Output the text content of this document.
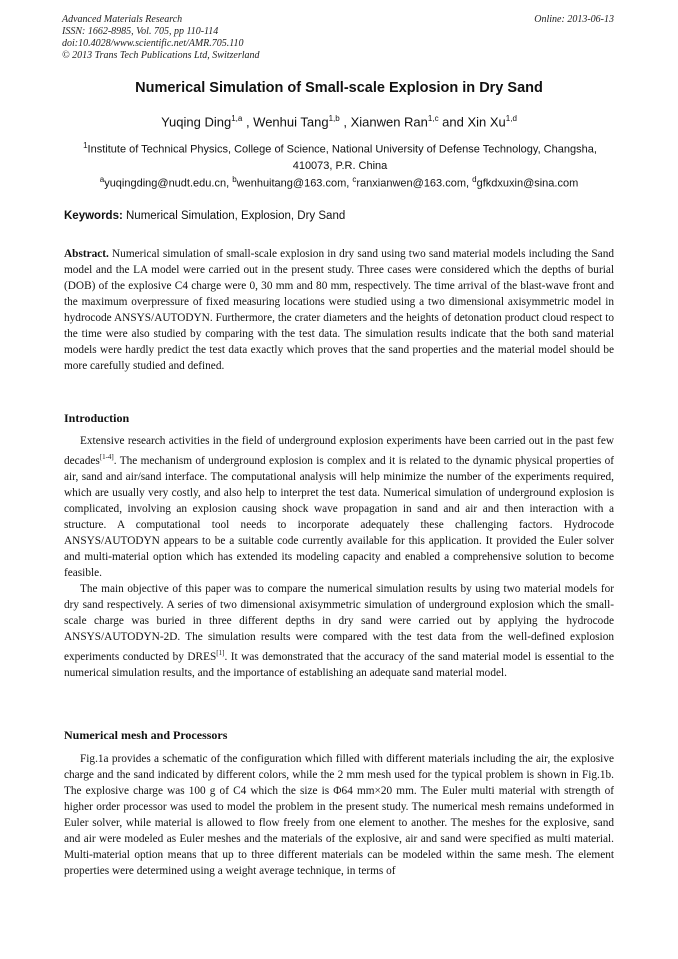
Advanced Materials Research
ISSN: 1662-8985, Vol. 705, pp 110-114
doi:10.4028/www.scientific.net/AMR.705.110
© 2013 Trans Tech Publications Ltd, Switzerland
Online: 2013-06-13
Numerical Simulation of Small-scale Explosion in Dry Sand
Yuqing Ding$^{1,a}$ , Wenhui Tang$^{1,b}$ , Xianwen Ran$^{1,c}$ and Xin Xu$^{1,d}$
$^1$Institute of Technical Physics, College of Science, National University of Defense Technology, Changsha, 410073, P.R. China
$^a$yuqingding@nudt.edu.cn, $^b$wenhuitang@163.com, $^c$ranxianwen@163.com, $^d$gfkdxuxin@sina.com
Keywords: Numerical Simulation, Explosion, Dry Sand
Abstract. Numerical simulation of small-scale explosion in dry sand using two sand material models including the Sand model and the LA model were carried out in the present study. Three cases were considered which the depths of burial (DOB) of the explosive C4 charge were 0, 30 mm and 80 mm, respectively. The time arrival of the blast-wave front and the maximum overpressure of fixed measuring locations were studied using a two dimensional axisymmetric model in hydrocode ANSYS/AUTODYN. Furthermore, the crater diameters and the heights of detonation product cloud respect to the time were also studied by comparing with the test data. The simulation results indicate that the both sand material models were hardly predict the test data exactly which proves that the sand properties and the material model should be more carefully studied and defined.
Introduction

Extensive research activities in the field of underground explosion experiments have been carried out in the past few decades[1-4]. The mechanism of underground explosion is complex and it is related to the dynamic physical properties of air, sand and air/sand interface. The computational analysis will help minimize the number of the experiments required, which are usually very costly, and also help to interpret the test data. Numerical simulation of underground explosion is complicated, involving an explosion causing shock wave propagation in sand and air and then interaction with a structure. A computational tool needs to incorporate adequately these challenging factors. Hydrocode ANSYS/AUTODYN appears to be a suitable code currently available for this application. It provided the Euler solver and multi-material option which has extended its modeling capacity and enabled a comprehensive solution to become feasible.

The main objective of this paper was to compare the numerical simulation results by using two material models for dry sand respectively. A series of two dimensional axisymmetric simulation of underground explosion which the small-scale charge was buried in three different depths in dry sand were carried out by applying the hydrocode ANSYS/AUTODYN-2D. The simulation results were compared with the test data from the well-defined explosion experiments conducted by DRES[1]. It was demonstrated that the accuracy of the sand material model is essential to the numerical simulation results, and the importance of establishing an adequate sand material model.

Numerical mesh and Processors

Fig.1a provides a schematic of the configuration which filled with different materials including the air, the explosive charge and the sand indicated by different colors, while the 2 mm mesh used for the typical problem is shown in Fig.1b. The explosive charge was 100 g of C4 which the size is Φ64 mm×20 mm. The Euler multi material with strength of higher order processor was used to model the problem in the present study. The numerical mesh remains undeformed in Euler solver, while material is allowed to flow freely from one element to another. The meshes for the explosive, sand and air were modeled as Euler meshes and the materials of the explosive, air and sand were specified as multi material. Multi-material option means that up to three different materials can be modeled within the same mesh. The element properties were determined using a weight average technique, in terms of
